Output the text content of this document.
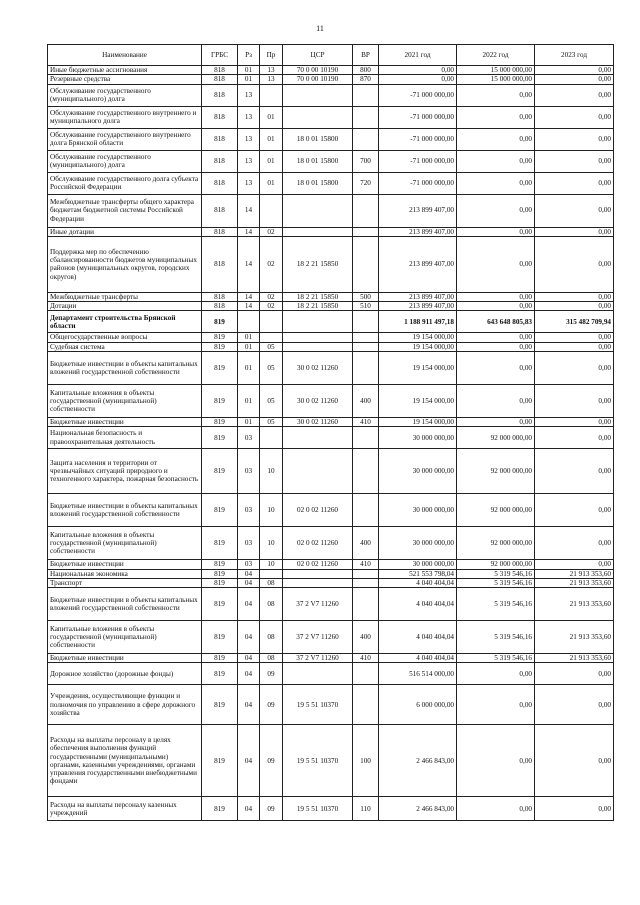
11
Наименование	ГРБС	Рз	Пр	ЦСР	ВР	2021 год	2022 год	2023 год
Иные бюджетные ассигнования	818	01	13	70 0 00 10190	800	0,00	15 000 000,00	0,00
Резервные средства	818	01	13	70 0 00 10190	870	0,00	15 000 000,00	0,00
Обслуживание государственного (муниципального) долга	818	13				-71 000 000,00	0,00	0,00
Обслуживание государственного внутреннего и муниципального долга	818	13	01			-71 000 000,00	0,00	0,00
Обслуживание государственного внутреннего долга Брянской области	818	13	01	18 0 01 15800		-71 000 000,00	0,00	0,00
Обслуживание государственного (муниципального) долга	818	13	01	18 0 01 15800	700	-71 000 000,00	0,00	0,00
Обслуживание государственного долга субъекта Российской Федерации	818	13	01	18 0 01 15800	720	-71 000 000,00	0,00	0,00
Межбюджетные трансферты общего характера бюджетам бюджетной системы Российской Федерации	818	14				213 899 407,00	0,00	0,00
Иные дотации	818	14	02			213 899 407,00	0,00	0,00
Поддержка мер по обеспечению сбалансированности бюджетов муниципальных районов (муниципальных округов, городских округов)	818	14	02	18 2 21 15850		213 899 407,00	0,00	0,00
Межбюджетные трансферты	818	14	02	18 2 21 15850	500	213 899 407,00	0,00	0,00
Дотации	818	14	02	18 2 21 15850	510	213 899 407,00	0,00	0,00
Департамент строительства Брянской области	819					1 188 911 497,18	643 648 805,83	315 482 709,94
Общегосударственные вопросы	819	01				19 154 000,00	0,00	0,00
Судебная система	819	01	05			19 154 000,00	0,00	0,00
Бюджетные инвестиции в объекты капитальных вложений государственной собственности	819	01	05	30 0 02 11260		19 154 000,00	0,00	0,00
Капитальные вложения в объекты государственной (муниципальной) собственности	819	01	05	30 0 02 11260	400	19 154 000,00	0,00	0,00
Бюджетные инвестиции	819	01	05	30 0 02 11260	410	19 154 000,00	0,00	0,00
Национальная безопасность и правоохранительная деятельность	819	03				30 000 000,00	92 000 000,00	0,00
Защита населения и территории от чрезвычайных ситуаций природного и техногенного характера, пожарная безопасность	819	03	10			30 000 000,00	92 000 000,00	0,00
Бюджетные инвестиции в объекты капитальных вложений государственной собственности	819	03	10	02 0 02 11260		30 000 000,00	92 000 000,00	0,00
Капитальные вложения в объекты государственной (муниципальной) собственности	819	03	10	02 0 02 11260	400	30 000 000,00	92 000 000,00	0,00
Бюджетные инвестиции	819	03	10	02 0 02 11260	410	30 000 000,00	92 000 000,00	0,00
Национальная экономика	819	04				521 553 798,04	5 319 546,16	21 913 353,60
Транспорт	819	04	08			4 040 404,04	5 319 546,16	21 913 353,60
Бюджетные инвестиции в объекты капитальных вложений государственной собственности	819	04	08	37 2 V7 11260		4 040 404,04	5 319 546,16	21 913 353,60
Капитальные вложения в объекты государственной (муниципальной) собственности	819	04	08	37 2 V7 11260	400	4 040 404,04	5 319 546,16	21 913 353,60
Бюджетные инвестиции	819	04	08	37 2 V7 11260	410	4 040 404,04	5 319 546,16	21 913 353,60
Дорожное хозяйство (дорожные фонды)	819	04	09			516 514 000,00	0,00	0,00
Учреждения, осуществляющие функции и полномочия по управлению в сфере дорожного хозяйства	819	04	09	19 5 51 10370		6 000 000,00	0,00	0,00
Расходы на выплаты персоналу в целях обеспечения выполнения функций государственными (муниципальными) органами, казенными учреждениями, органами управления государственными внебюджетными фондами	819	04	09	19 5 51 10370	100	2 466 843,00	0,00	0,00
Расходы на выплаты персоналу казенных учреждений	819	04	09	19 5 51 10370	110	2 466 843,00	0,00	0,00
